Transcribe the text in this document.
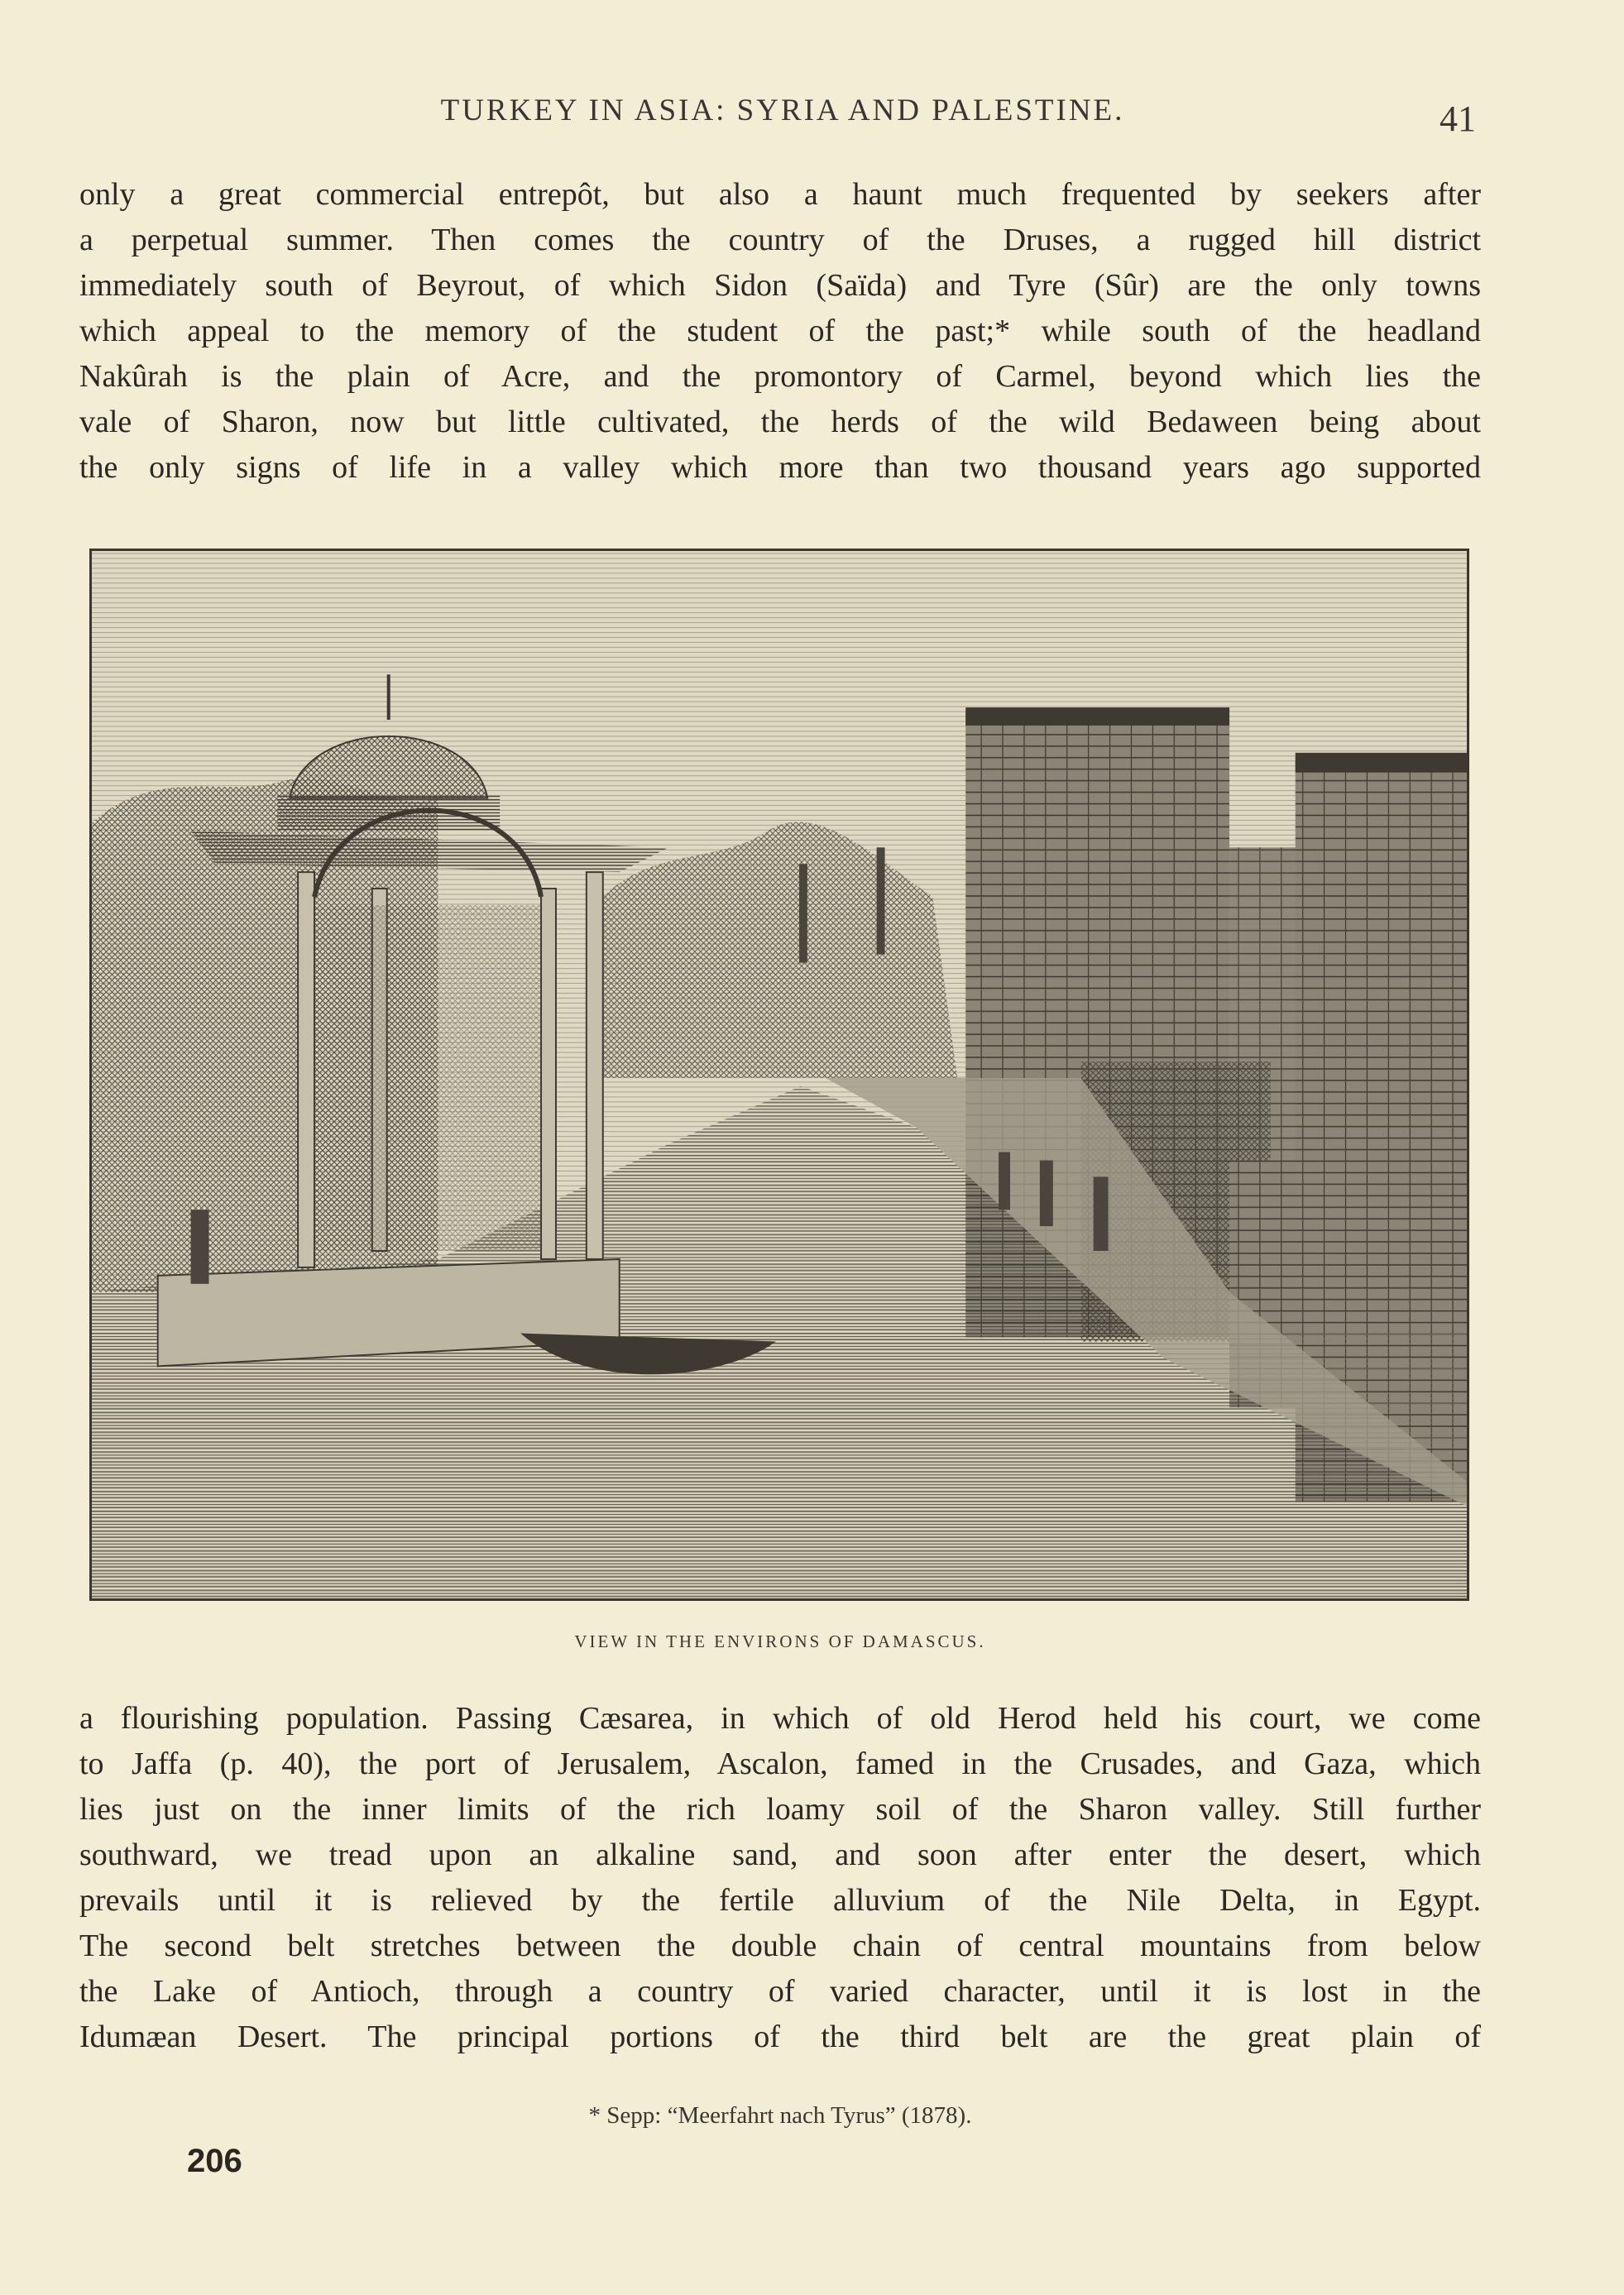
TURKEY IN ASIA: SYRIA AND PALESTINE.	41
only a great commercial entrepôt, but also a haunt much frequented by seekers after
a perpetual summer. Then comes the country of the Druses, a rugged hill district
immediately south of Beyrout, of which Sidon (Saïda) and Tyre (Sûr) are the only towns
which appeal to the memory of the student of the past;* while south of the headland
Nakûrah is the plain of Acre, and the promontory of Carmel, beyond which lies the
vale of Sharon, now but little cultivated, the herds of the wild Bedaween being about
the only signs of life in a valley which more than two thousand years ago supported
VIEW IN THE ENVIRONS OF DAMASCUS.
a flourishing population. Passing Cæsarea, in which of old Herod held his court, we come
to Jaffa (p. 40), the port of Jerusalem, Ascalon, famed in the Crusades, and Gaza, which
lies just on the inner limits of the rich loamy soil of the Sharon valley. Still further
southward, we tread upon an alkaline sand, and soon after enter the desert, which
prevails until it is relieved by the fertile alluvium of the Nile Delta, in Egypt.
The second belt stretches between the double chain of central mountains from below
the Lake of Antioch, through a country of varied character, until it is lost in the
Idumæan Desert. The principal portions of the third belt are the great plain of
* Sepp: “Meerfahrt nach Tyrus” (1878).
206
